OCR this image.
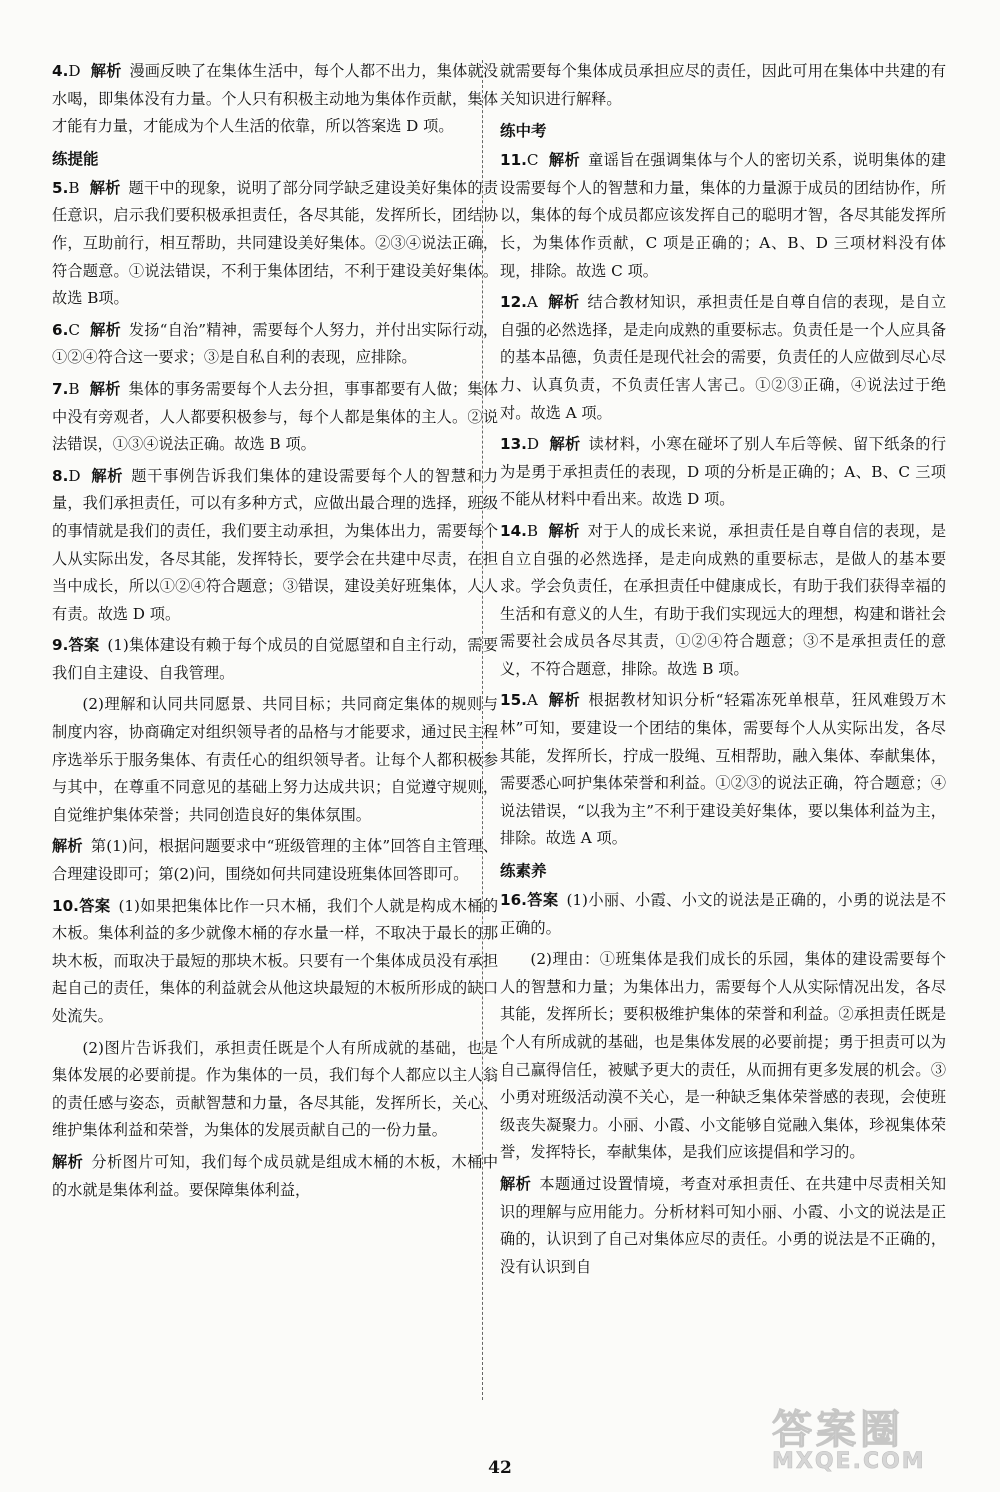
4.D 解析 漫画反映了在集体生活中，每个人都不出力，集体就没水喝，即集体没有力量。个人只有积极主动地为集体作贡献，集体才能有力量，才能成为个人生活的依靠，所以答案选 D 项。

练提能

5.B 解析 题干中的现象，说明了部分同学缺乏建设美好集体的责任意识，启示我们要积极承担责任，各尽其能，发挥所长，团结协作，互助前行，相互帮助，共同建设美好集体。②③④说法正确，符合题意。①说法错误，不利于集体团结，不利于建设美好集体。故选 B项。

6.C 解析 发扬“自治”精神，需要每个人努力，并付出实际行动，①②④符合这一要求；③是自私自利的表现，应排除。

7.B 解析 集体的事务需要每个人去分担，事事都要有人做；集体中没有旁观者，人人都要积极参与，每个人都是集体的主人。②说法错误，①③④说法正确。故选 B 项。

8.D 解析 题干事例告诉我们集体的建设需要每个人的智慧和力量，我们承担责任，可以有多种方式，应做出最合理的选择，班级的事情就是我们的责任，我们要主动承担，为集体出力，需要每个人从实际出发，各尽其能，发挥特长，要学会在共建中尽责，在担当中成长，所以①②④符合题意；③错误，建设美好班集体，人人有责。故选 D 项。

9.答案 (1)集体建设有赖于每个成员的自觉愿望和自主行动，需要我们自主建设、自我管理。

(2)理解和认同共同愿景、共同目标；共同商定集体的规则与制度内容，协商确定对组织领导者的品格与才能要求，通过民主程序选举乐于服务集体、有责任心的组织领导者。让每个人都积极参与其中，在尊重不同意见的基础上努力达成共识；自觉遵守规则，自觉维护集体荣誉；共同创造良好的集体氛围。

解析 第(1)问，根据问题要求中“班级管理的主体”回答自主管理、合理建设即可；第(2)问，围绕如何共同建设班集体回答即可。

10.答案 (1)如果把集体比作一只木桶，我们个人就是构成木桶的木板。集体利益的多少就像木桶的存水量一样，不取决于最长的那块木板，而取决于最短的那块木板。只要有一个集体成员没有承担起自己的责任，集体的利益就会从他这块最短的木板所形成的缺口处流失。

(2)图片告诉我们，承担责任既是个人有所成就的基础，也是集体发展的必要前提。作为集体的一员，我们每个人都应以主人翁的责任感与姿态，贡献智慧和力量，各尽其能，发挥所长，关心、维护集体利益和荣誉，为集体的发展贡献自己的一份力量。

解析 分析图片可知，我们每个成员就是组成木桶的木板，木桶中的水就是集体利益。要保障集体利益，

就需要每个集体成员承担应尽的责任，因此可用在集体中共建的有关知识进行解释。

练中考

11.C 解析 童谣旨在强调集体与个人的密切关系，说明集体的建设需要每个人的智慧和力量，集体的力量源于成员的团结协作，所以，集体的每个成员都应该发挥自己的聪明才智，各尽其能发挥所长，为集体作贡献，C 项是正确的；A、B、D 三项材料没有体现，排除。故选 C 项。

12.A 解析 结合教材知识，承担责任是自尊自信的表现，是自立自强的必然选择，是走向成熟的重要标志。负责任是一个人应具备的基本品德，负责任是现代社会的需要，负责任的人应做到尽心尽力、认真负责，不负责任害人害己。①②③正确，④说法过于绝对。故选 A 项。

13.D 解析 读材料，小寒在碰坏了别人车后等候、留下纸条的行为是勇于承担责任的表现，D 项的分析是正确的；A、B、C 三项不能从材料中看出来。故选 D 项。

14.B 解析 对于人的成长来说，承担责任是自尊自信的表现，是自立自强的必然选择，是走向成熟的重要标志，是做人的基本要求。学会负责任，在承担责任中健康成长，有助于我们获得幸福的生活和有意义的人生，有助于我们实现远大的理想，构建和谐社会需要社会成员各尽其责，①②④符合题意；③不是承担责任的意义，不符合题意，排除。故选 B 项。

15.A 解析 根据教材知识分析“轻霜冻死单根草，狂风难毁万木林”可知，要建设一个团结的集体，需要每个人从实际出发，各尽其能，发挥所长，拧成一股绳、互相帮助，融入集体、奉献集体，需要悉心呵护集体荣誉和利益。①②③的说法正确，符合题意；④说法错误，“以我为主”不利于建设美好集体，要以集体利益为主，排除。故选 A 项。

练素养

16.答案 (1)小丽、小霞、小文的说法是正确的，小勇的说法是不正确的。

(2)理由：①班集体是我们成长的乐园，集体的建设需要每个人的智慧和力量；为集体出力，需要每个人从实际情况出发，各尽其能，发挥所长；要积极维护集体的荣誉和利益。②承担责任既是个人有所成就的基础，也是集体发展的必要前提；勇于担责可以为自己赢得信任，被赋予更大的责任，从而拥有更多发展的机会。③小勇对班级活动漠不关心，是一种缺乏集体荣誉感的表现，会使班级丧失凝聚力。小丽、小霞、小文能够自觉融入集体，珍视集体荣誉，发挥特长，奉献集体，是我们应该提倡和学习的。

解析 本题通过设置情境，考查对承担责任、在共建中尽责相关知识的理解与应用能力。分析材料可知小丽、小霞、小文的说法是正确的，认识到了自己对集体应尽的责任。小勇的说法是不正确的，没有认识到自

42
答案圈
MXQE.COM
